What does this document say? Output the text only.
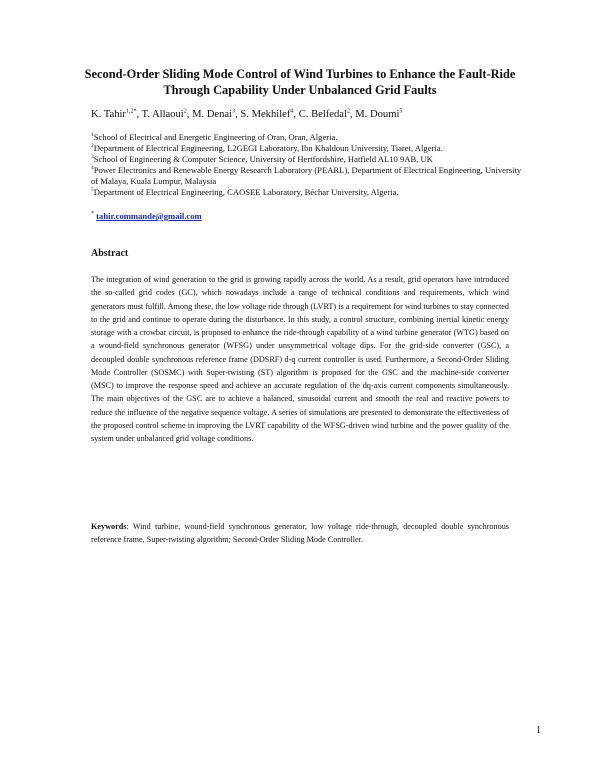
Second-Order Sliding Mode Control of Wind Turbines to Enhance the Fault-Ride Through Capability Under Unbalanced Grid Faults
K. Tahir$^{1,2*}$, T. Allaoui$^2$, M. Denai$^3$, S. Mekhilef$^4$, C. Belfedal$^2$, M. Doumi$^5$

$^1$School of Electrical and Energetic Engineering of Oran, Oran, Algeria.

$^2$Department of Electrical Engineering, L2GEGI Laboratory, Ibn Khaldoun University, Tiaret, Algeria.

$^3$School of Engineering & Computer Science, University of Hertfordshire, Hatfield AL10 9AB, UK

$^4$Power Electronics and Renewable Energy Research Laboratory (PEARL), Department of Electrical Engineering, University of Malaya, Kuala Lumpur, Malaysia

$^5$Department of Electrical Engineering, CAOSEE Laboratory, Béchar University, Algeria.

* tahir.commande@gmail.com
Abstract

The integration of wind generation to the grid is growing rapidly across the world. As a result, grid operators have introduced the so-called grid codes (GC), which nowadays include a range of technical conditions and requirements, which wind generators must fulfill. Among these, the low voltage ride through (LVRT) is a requirement for wind turbines to stay connected to the grid and continue to operate during the disturbance. In this study, a control structure, combining inertial kinetic energy storage with a crowbar circuit, is proposed to enhance the ride-through capability of a wind turbine generator (WTG) based on a wound-field synchronous generator (WFSG) under unsymmetrical voltage dips. For the grid-side converter (GSC), a decoupled double synchronous reference frame (DDSRF) d-q current controller is used. Furthermore, a Second-Order Sliding Mode Controller (SOSMC) with Super-twisting (ST) algorithm is proposed for the GSC and the machine-side converter (MSC) to improve the response speed and achieve an accurate regulation of the dq-axis current components simultaneously. The main objectives of the GSC are to achieve a balanced, sinusoidal current and smooth the real and reactive powers to reduce the influence of the negative sequence voltage. A series of simulations are presented to demonstrate the effectiveness of the proposed control scheme in improving the LVRT capability of the WFSG-driven wind turbine and the power quality of the system under unbalanced grid voltage conditions.

Keywords: Wind turbine, wound-field synchronous generator, low voltage ride-through, decoupled double synchronous reference frame, Super-twisting algorithm; Second-Order Sliding Mode Controller.

1
